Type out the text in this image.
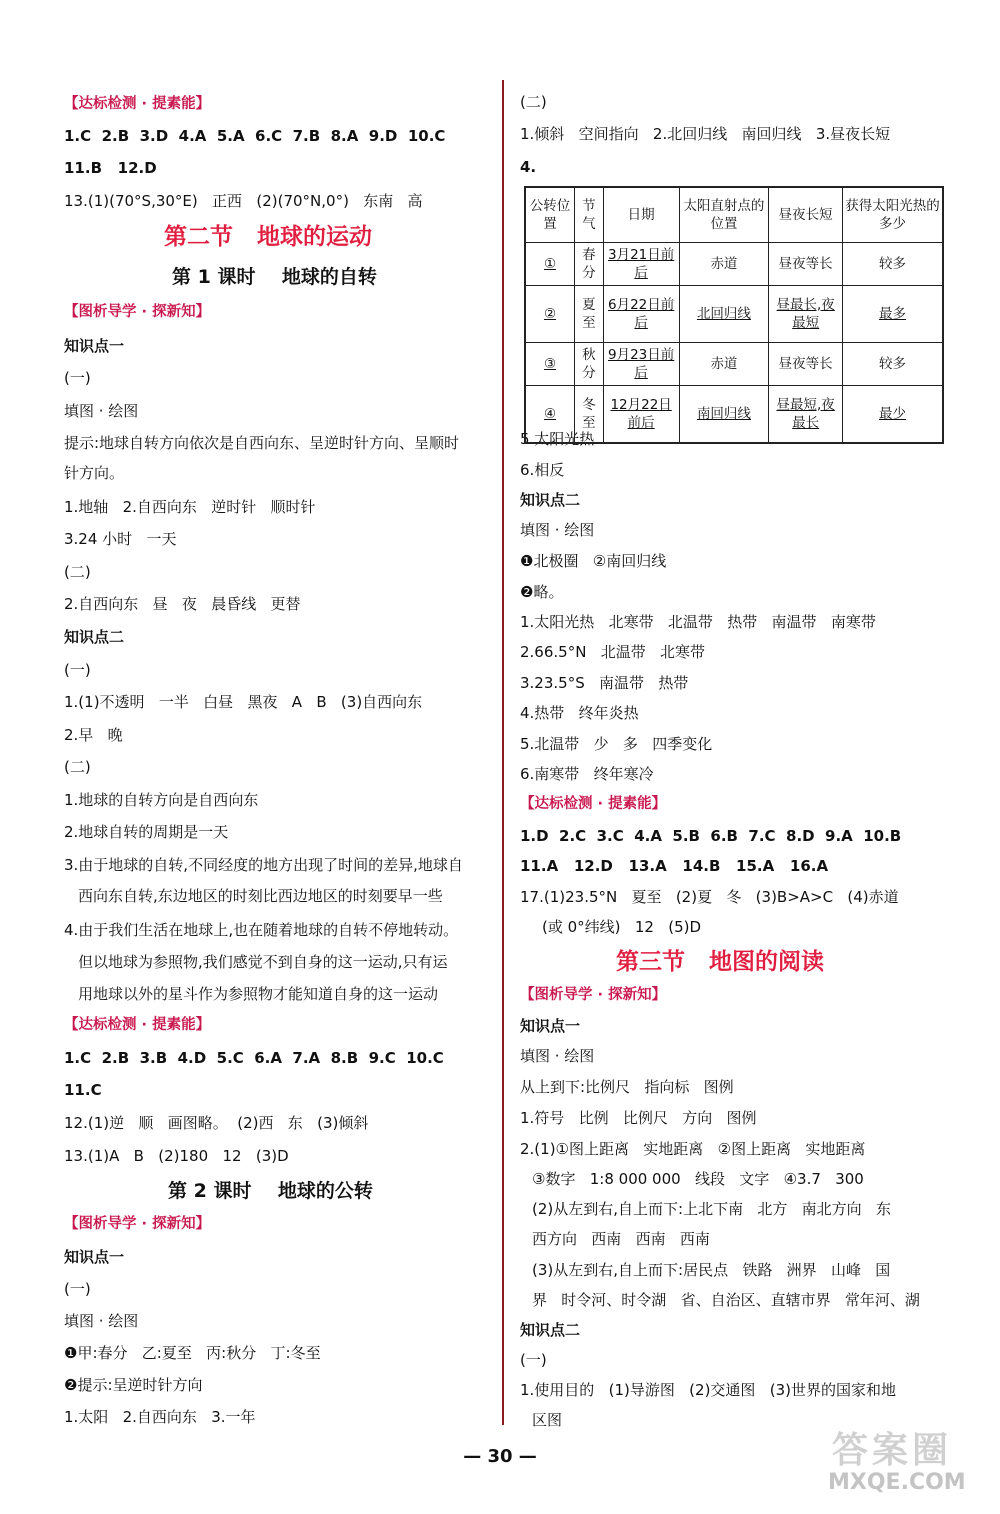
【达标检测 · 提素能】
1.C  2.B  3.D  4.A  5.A  6.C  7.B  8.A  9.D  10.C
11.B   12.D
13.(1)(70°S,30°E)   正西   (2)(70°N,0°)   东南   高
第二节   地球的运动
第 1 课时    地球的自转
【图析导学 · 探新知】
知识点一
(一)
填图 · 绘图
提示:地球自转方向依次是自西向东、呈逆时针方向、呈顺时
针方向。
1.地轴   2.自西向东   逆时针   顺时针
3.24 小时   一天
(二)
2.自西向东   昼   夜   晨昏线   更替
知识点二
(一)
1.(1)不透明   一半   白昼   黑夜   A   B   (3)自西向东
2.早   晚
(二)
1.地球的自转方向是自西向东
2.地球自转的周期是一天
3.由于地球的自转,不同经度的地方出现了时间的差异,地球自
西向东自转,东边地区的时刻比西边地区的时刻要早一些
4.由于我们生活在地球上,也在随着地球的自转不停地转动。
但以地球为参照物,我们感觉不到自身的这一运动,只有运
用地球以外的星斗作为参照物才能知道自身的这一运动
【达标检测 · 提素能】
1.C  2.B  3.B  4.D  5.C  6.A  7.A  8.B  9.C  10.C
11.C
12.(1)逆   顺   画图略。  (2)西   东   (3)倾斜
13.(1)A   B   (2)180   12   (3)D
第 2 课时    地球的公转
【图析导学 · 探新知】
知识点一
(一)
填图 · 绘图
❶甲:春分   乙:夏至   丙:秋分   丁:冬至
❷提示:呈逆时针方向
1.太阳   2.自西向东   3.一年
(二)
1.倾斜   空间指向   2.北回归线   南回归线   3.昼夜长短
4.
5.太阳光热
6.相反
知识点二
填图 · 绘图
❶北极圈   ②南回归线
❷略。
1.太阳光热   北寒带   北温带   热带   南温带   南寒带
2.66.5°N   北温带   北寒带
3.23.5°S   南温带   热带
4.热带   终年炎热
5.北温带   少   多   四季变化
6.南寒带   终年寒冷
【达标检测 · 提素能】
1.D  2.C  3.C  4.A  5.B  6.B  7.C  8.D  9.A  10.B
11.A   12.D   13.A   14.B   15.A   16.A
17.(1)23.5°N   夏至   (2)夏   冬   (3)B>A>C   (4)赤道
(或 0°纬线)   12   (5)D
第三节   地图的阅读
【图析导学 · 探新知】
知识点一
填图 · 绘图
从上到下:比例尺   指向标   图例
1.符号   比例   比例尺   方向   图例
2.(1)①图上距离   实地距离   ②图上距离   实地距离
③数字   1:8 000 000   线段   文字   ④3.7   300
(2)从左到右,自上而下:上北下南   北方   南北方向   东
西方向   西南   西南   西南
(3)从左到右,自上而下:居民点   铁路   洲界   山峰   国
界   时令河、时令湖   省、自治区、直辖市界   常年河、湖
知识点二
(一)
1.使用目的   (1)导游图   (2)交通图   (3)世界的国家和地
区图
公转位置	节气	日期	太阳直射点的位置	昼夜长短	获得太阳光热的多少
①	春分	3月21日前后	赤道	昼夜等长	较多
②	夏至	6月22日前后	北回归线	昼最长,夜最短	最多
③	秋分	9月23日前后	赤道	昼夜等长	较多
④	冬至	12月22日前后	南回归线	昼最短,夜最长	最少
— 30 —	答案圈
MXQE.COM
